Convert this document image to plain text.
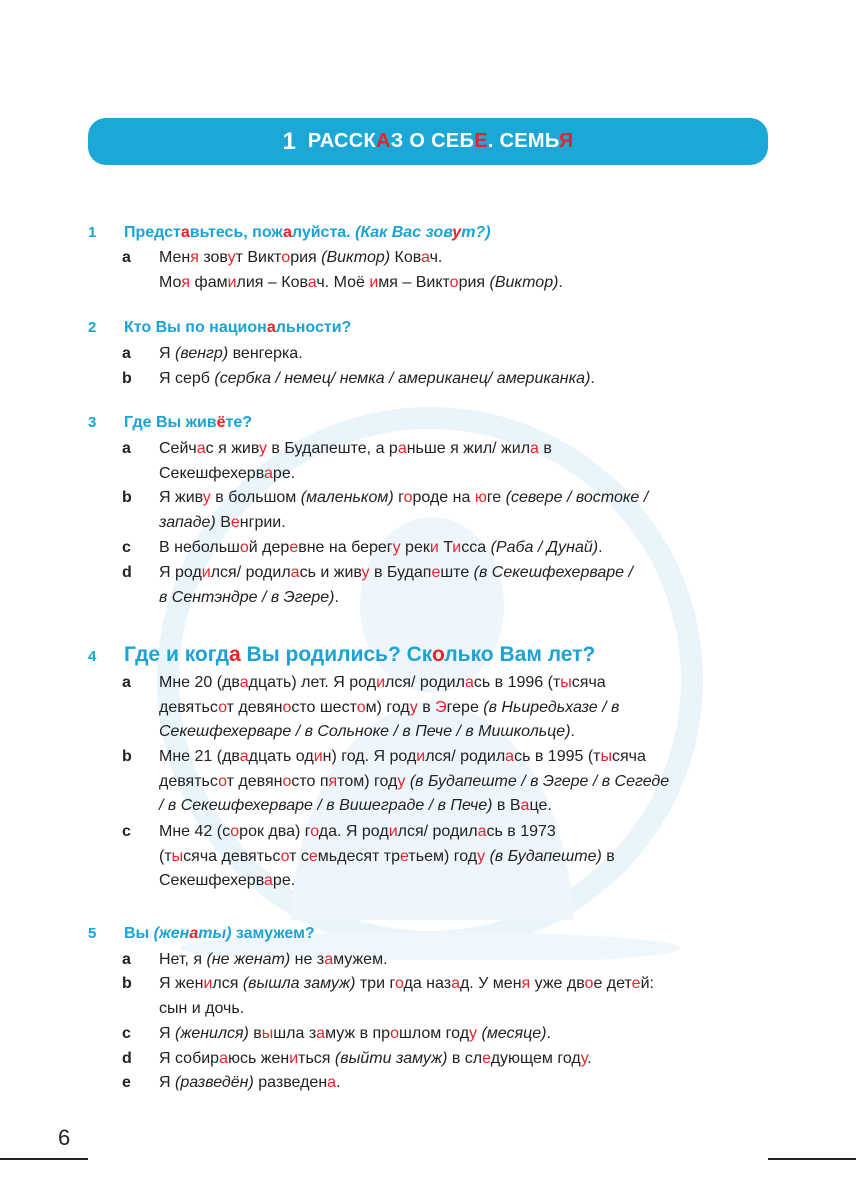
1 РАССКАЗ О СЕБЕ. СЕМЬЯ
1	Представьтесь, пожалуйста. (Как Вас зовут?)
a	Меня зовут Виктория (Виктор) Ковач.
Моя фамилия – Ковач. Моё имя – Виктория (Виктор).
2	Кто Вы по национальности?
a	Я (венгр) венгерка.
b	Я серб (сербка / немец/ немка / американец/ американка).
3	Где Вы живёте?
a	Сейчас я живу в Будапеште, а раньше я жил/ жила в
Секешфехерваре.
b	Я живу в большом (маленьком) городе на юге (севере / востоке /
западе) Венгрии.
c	В небольшой деревне на берегу реки Тисса (Раба / Дунай).
d	Я родился/ родилась и живу в Будапеште (в Секешфехерваре /
в Сентэндре / в Эгере).
4	Где и когда Вы родились? Сколько Вам лет?
a	Мне 20 (двадцать) лет. Я родился/ родилась в 1996 (тысяча
девятьсот девяносто шестом) году в Эгере (в Ньиредьхазе / в
Секешфехерваре / в Сольноке / в Пече / в Мишкольце).
b	Мне 21 (двадцать один) год. Я родился/ родилась в 1995 (тысяча
девятьсот девяносто пятом) году (в Будапеште / в Эгере / в Сегеде
/ в Секешфехерваре / в Вишеграде / в Пече) в Ваце.
c	Мне 42 (сорок два) года. Я родился/ родилась в 1973
(тысяча девятьсот семьдесят третьем) году (в Будапеште) в
Секешфехерваре.
5	Вы (женаты) замужем?
a	Нет, я (не женат) не замужем.
b	Я женился (вышла замуж) три года назад. У меня уже двое детей:
сын и дочь.
c	Я (женился) вышла замуж в прошлом году (месяце).
d	Я собираюсь жениться (выйти замуж) в следующем году.
e	Я (разведён) разведена.
6
